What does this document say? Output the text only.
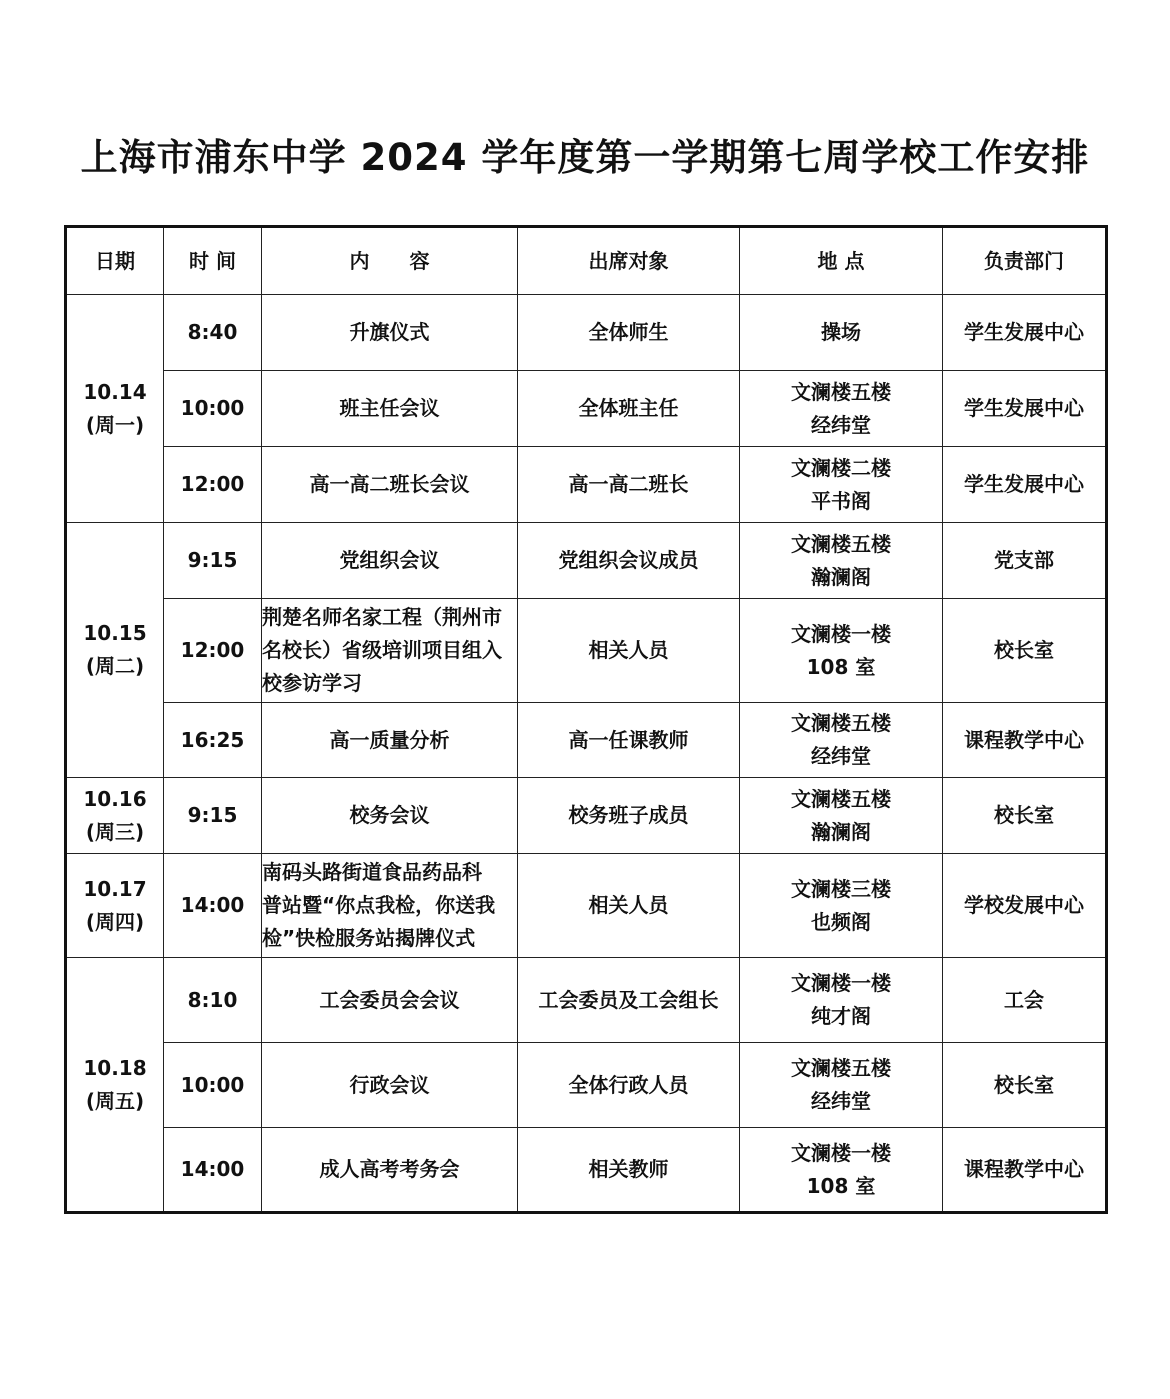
上海市浦东中学 2024 学年度第一学期第七周学校工作安排
日期	时 间	内　　容	出席对象	地 点	负责部门

10.14
(周一)	8:40	升旗仪式	全体师生	操场	学生发展中心

	10:00	班主任会议	全体班主任	文澜楼五楼
经纬堂	学生发展中心

	12:00	高一高二班长会议	高一高二班长	文澜楼二楼
平书阁	学生发展中心

10.15
(周二)	9:15	党组织会议	党组织会议成员	文澜楼五楼
瀚澜阁	党支部

	12:00	荆楚名师名家工程（荆州市
名校长）省级培训项目组入
校参访学习	相关人员	文澜楼一楼
108 室	校长室

	16:25	高一质量分析	高一任课教师	文澜楼五楼
经纬堂	课程教学中心

10.16
(周三)	9:15	校务会议	校务班子成员	文澜楼五楼
瀚澜阁	校长室

10.17
(周四)	14:00	南码头路街道食品药品科
普站暨“你点我检，你送我
检”快检服务站揭牌仪式	相关人员	文澜楼三楼
也频阁	学校发展中心

10.18
(周五)	8:10	工会委员会会议	工会委员及工会组长	文澜楼一楼
纯才阁	工会

	10:00	行政会议	全体行政人员	文澜楼五楼
经纬堂	校长室

	14:00	成人高考考务会	相关教师	文澜楼一楼
108 室	课程教学中心
